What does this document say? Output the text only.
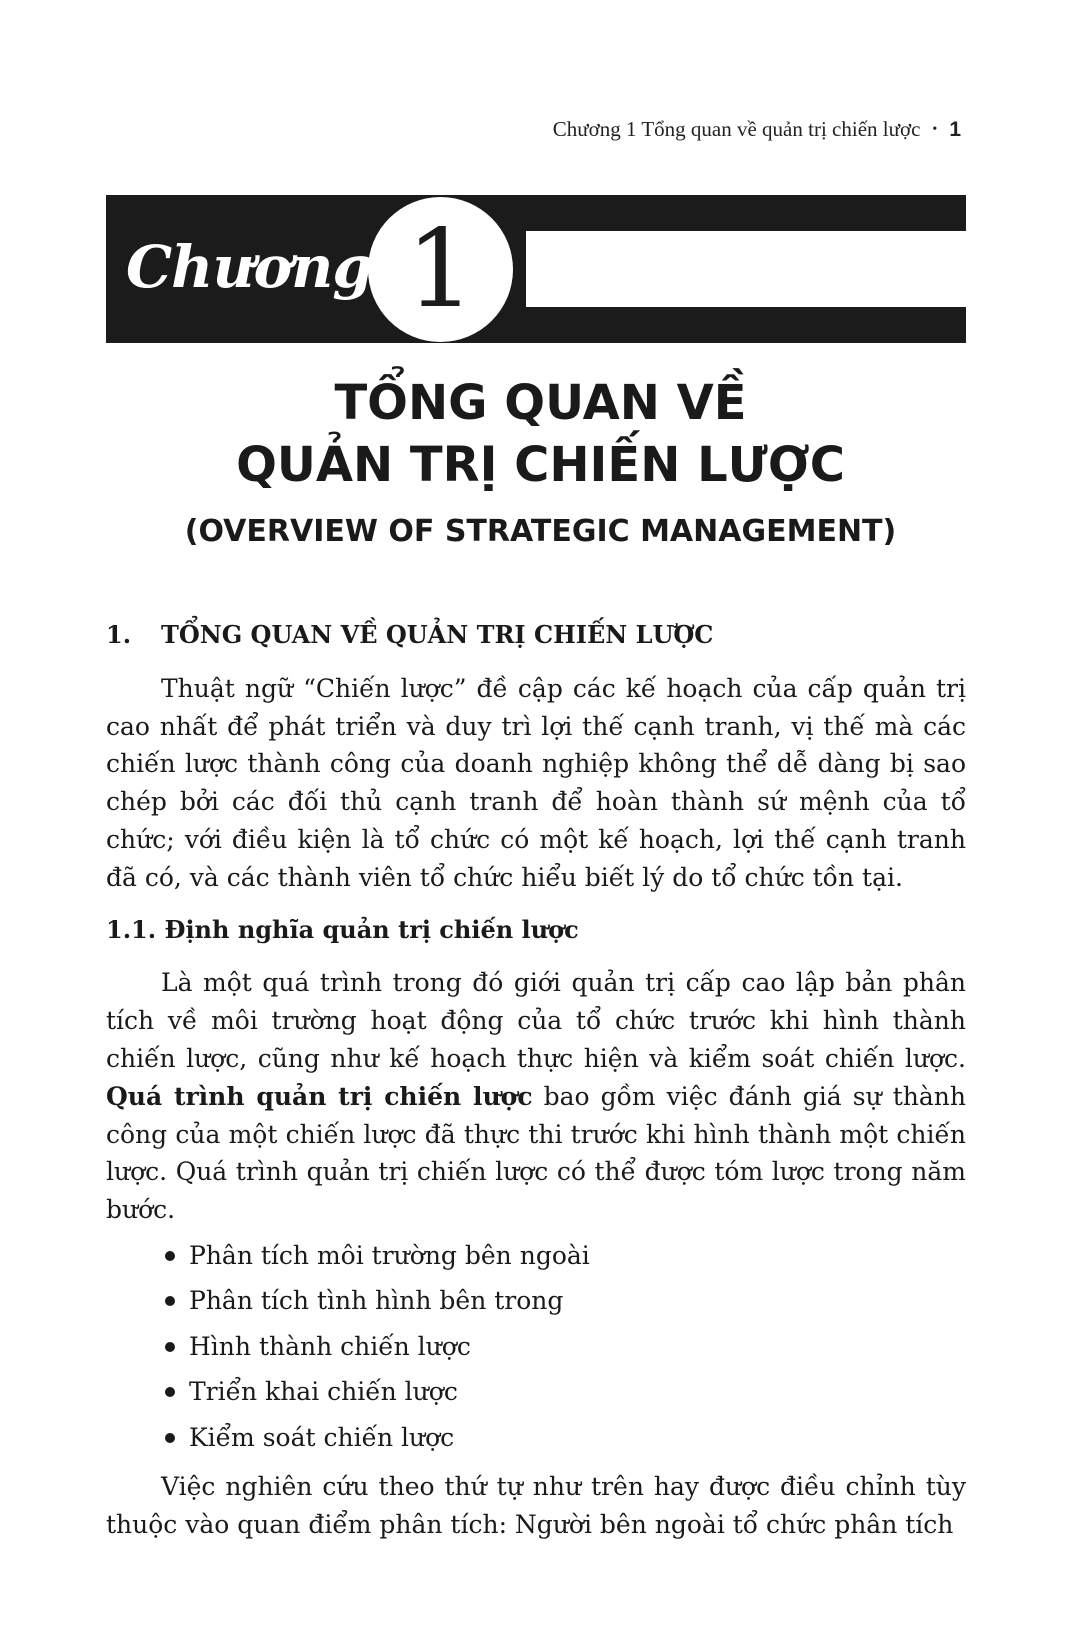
Chương 1 Tổng quan về quản trị chiến lược • 1
Chương 1
TỔNG QUAN VỀ
QUẢN TRỊ CHIẾN LƯỢC
(OVERVIEW OF STRATEGIC MANAGEMENT)
1.	TỔNG QUAN VỀ QUẢN TRỊ CHIẾN LƯỢC

Thuật ngữ “Chiến lược” đề cập các kế hoạch của cấp quản trị cao nhất để phát triển và duy trì lợi thế cạnh tranh, vị thế mà các chiến lược thành công của doanh nghiệp không thể dễ dàng bị sao chép bởi các đối thủ cạnh tranh để hoàn thành sứ mệnh của tổ chức; với điều kiện là tổ chức có một kế hoạch, lợi thế cạnh tranh đã có, và các thành viên tổ chức hiểu biết lý do tổ chức tồn tại.

1.1. Định nghĩa quản trị chiến lược

Là một quá trình trong đó giới quản trị cấp cao lập bản phân tích về môi trường hoạt động của tổ chức trước khi hình thành chiến lược, cũng như kế hoạch thực hiện và kiểm soát chiến lược. Quá trình quản trị chiến lược bao gồm việc đánh giá sự thành công của một chiến lược đã thực thi trước khi hình thành một chiến lược. Quá trình quản trị chiến lược có thể được tóm lược trong năm bước.

Phân tích môi trường bên ngoài
Phân tích tình hình bên trong
Hình thành chiến lược
Triển khai chiến lược
Kiểm soát chiến lược

Việc nghiên cứu theo thứ tự như trên hay được điều chỉnh tùy thuộc vào quan điểm phân tích: Người bên ngoài tổ chức phân tích
